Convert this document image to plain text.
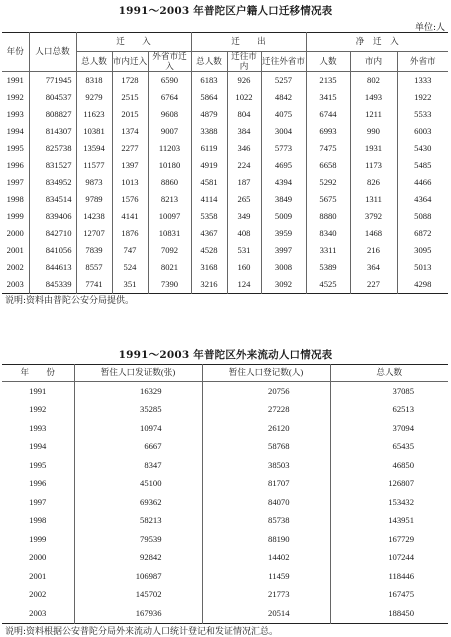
1991～2003 年普陀区户籍人口迁移情况表
单位:人
年份	人口总数	迁　　入			迁　　出			净　迁　入		
		总人数	市内迁入	外省市迁入	总人数	迁往市内	迁往外省市	人数	市内	外省市
1991	771945	8318	1728	6590	6183	926	5257	2135	802	1333
1992	804537	9279	2515	6764	5864	1022	4842	3415	1493	1922
1993	808827	11623	2015	9608	4879	804	4075	6744	1211	5533
1994	814307	10381	1374	9007	3388	384	3004	6993	990	6003
1995	825738	13594	2277	11203	6119	346	5773	7475	1931	5430
1996	831527	11577	1397	10180	4919	224	4695	6658	1173	5485
1997	834952	9873	1013	8860	4581	187	4394	5292	826	4466
1998	834514	9789	1576	8213	4114	265	3849	5675	1311	4364
1999	839406	14238	4141	10097	5358	349	5009	8880	3792	5088
2000	842710	12707	1876	10831	4367	408	3959	8340	1468	6872
2001	841056	7839	747	7092	4528	531	3997	3311	216	3095
2002	844613	8557	524	8021	3168	160	3008	5389	364	5013
2003	845339	7741	351	7390	3216	124	3092	4525	227	4298
说明:资料由普陀公安分局提供。
1991～2003 年普陀区外来流动人口情况表
年　　份	暂住人口发证数(张)	暂住人口登记数(人)	总人数
1991	16329	20756	37085
1992	35285	27228	62513
1993	10974	26120	37094
1994	6667	58768	65435
1995	8347	38503	46850
1996	45100	81707	126807
1997	69362	84070	153432
1998	58213	85738	143951
1999	79539	88190	167729
2000	92842	14402	107244
2001	106987	11459	118446
2002	145702	21773	167475
2003	167936	20514	188450
说明:资料根据公安普陀分局外来流动人口统计登记和发证情况汇总。
